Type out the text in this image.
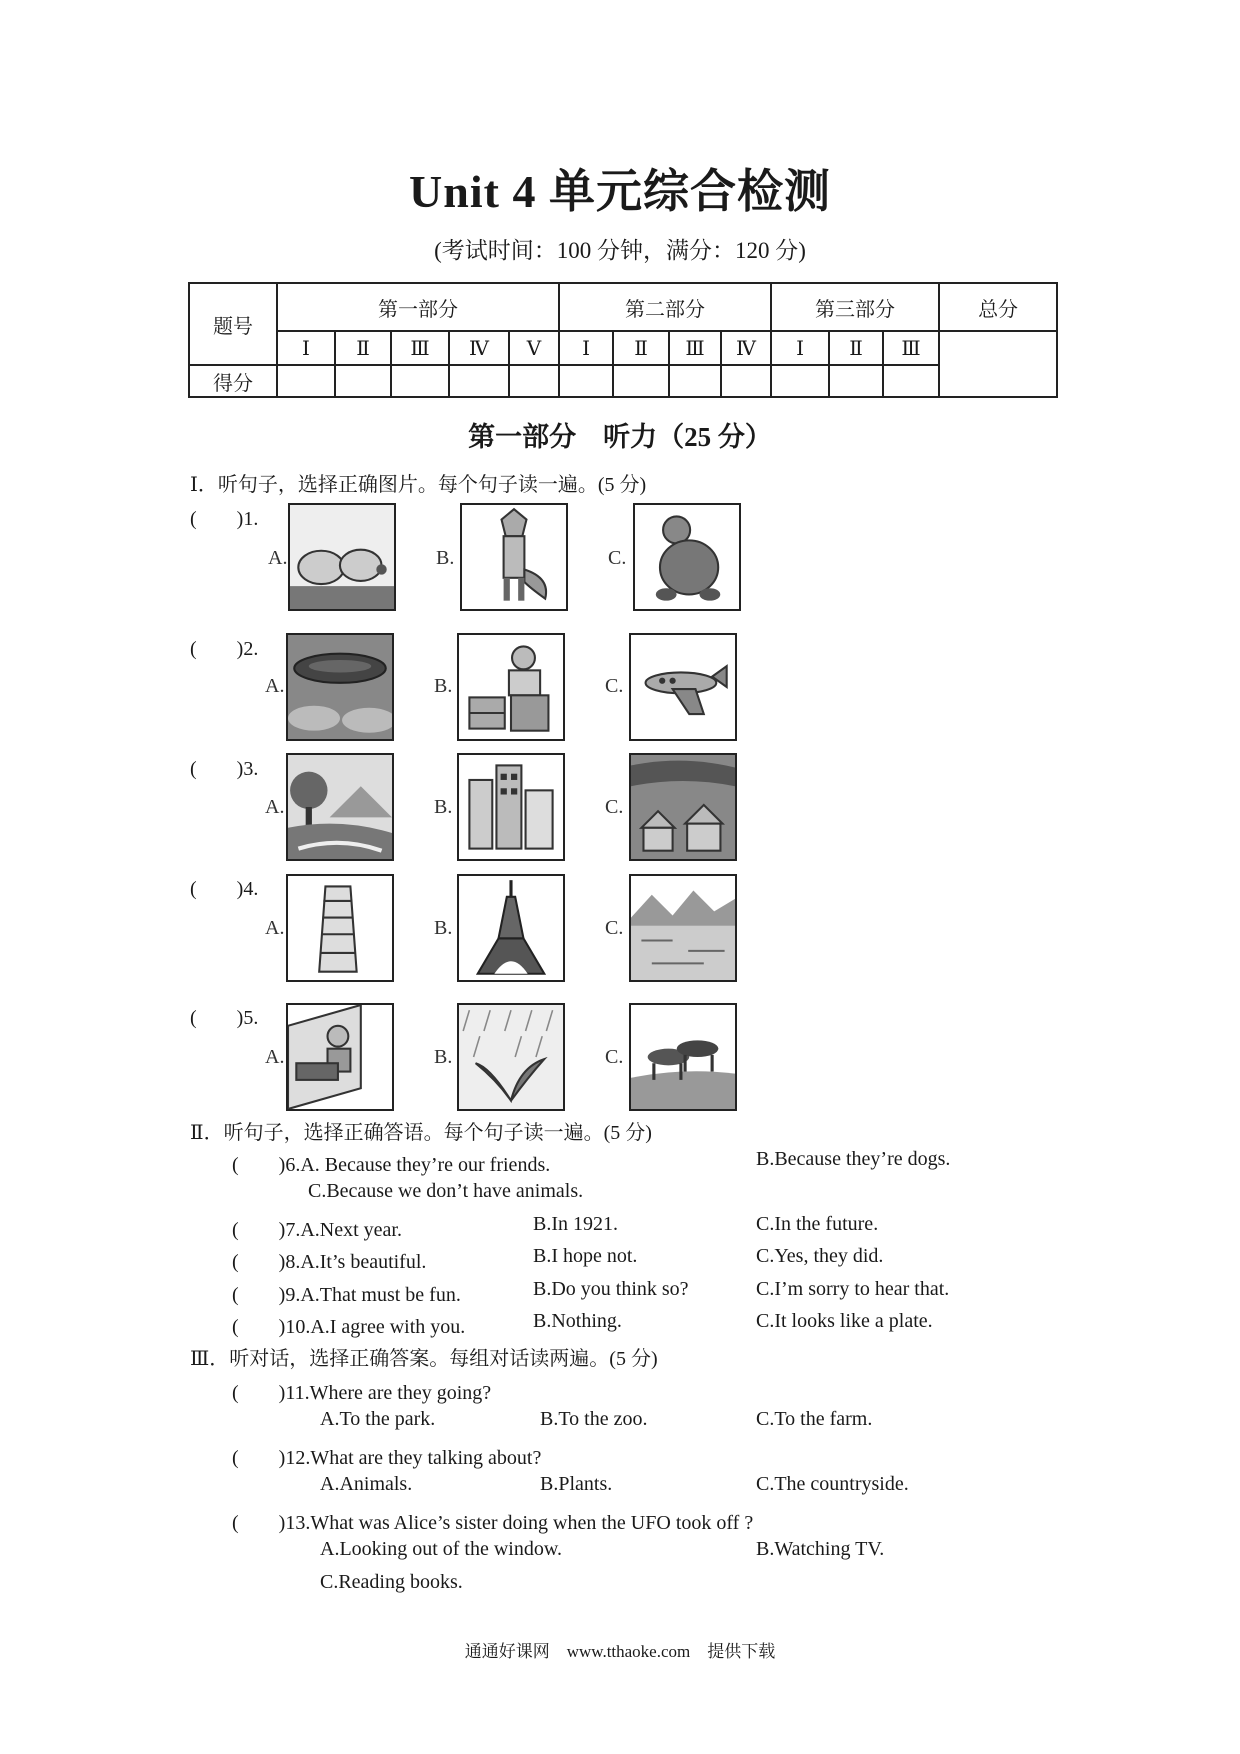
Unit 4 单元综合检测
(考试时间：100 分钟，满分：120 分)
题号	第一部分					第二部分				第三部分			总分
	Ⅰ	Ⅱ	Ⅲ	Ⅳ	Ⅴ	Ⅰ	Ⅱ	Ⅲ	Ⅳ	Ⅰ	Ⅱ	Ⅲ	
得分													
第一部分　听力（25 分）
Ⅰ．听句子，选择正确图片。每个句子读一遍。(5 分)
(　　)1.
A.	B.	C.
(　　)2.
A.	B.	C.
(　　)3.
A.	B.	C.
(　　)4.
A.	B.	C.
(　　)5.
A.	B.	C.
Ⅱ．听句子，选择正确答语。每个句子读一遍。(5 分)
(　　)6.A. Because they’re our friends.	B.Because they’re dogs.
C.Because we don’t have animals.
(　　)7.A.Next year.	B.In 1921.	C.In the future.
(　　)8.A.It’s beautiful.	B.I hope not.	C.Yes, they did.
(　　)9.A.That must be fun.	B.Do you think so?	C.I’m sorry to hear that.
(　　)10.A.I agree with you.	B.Nothing.	C.It looks like a plate.
Ⅲ．听对话，选择正确答案。每组对话读两遍。(5 分)
(　　)11.Where are they going?
A.To the park.	B.To the zoo.	C.To the farm.
(　　)12.What are they talking about?
A.Animals.	B.Plants.	C.The countryside.
(　　)13.What was Alice’s sister doing when the UFO took off ?
A.Looking out of the window.	B.Watching TV.
C.Reading books.
通通好课网　www.tthaoke.com　提供下载
